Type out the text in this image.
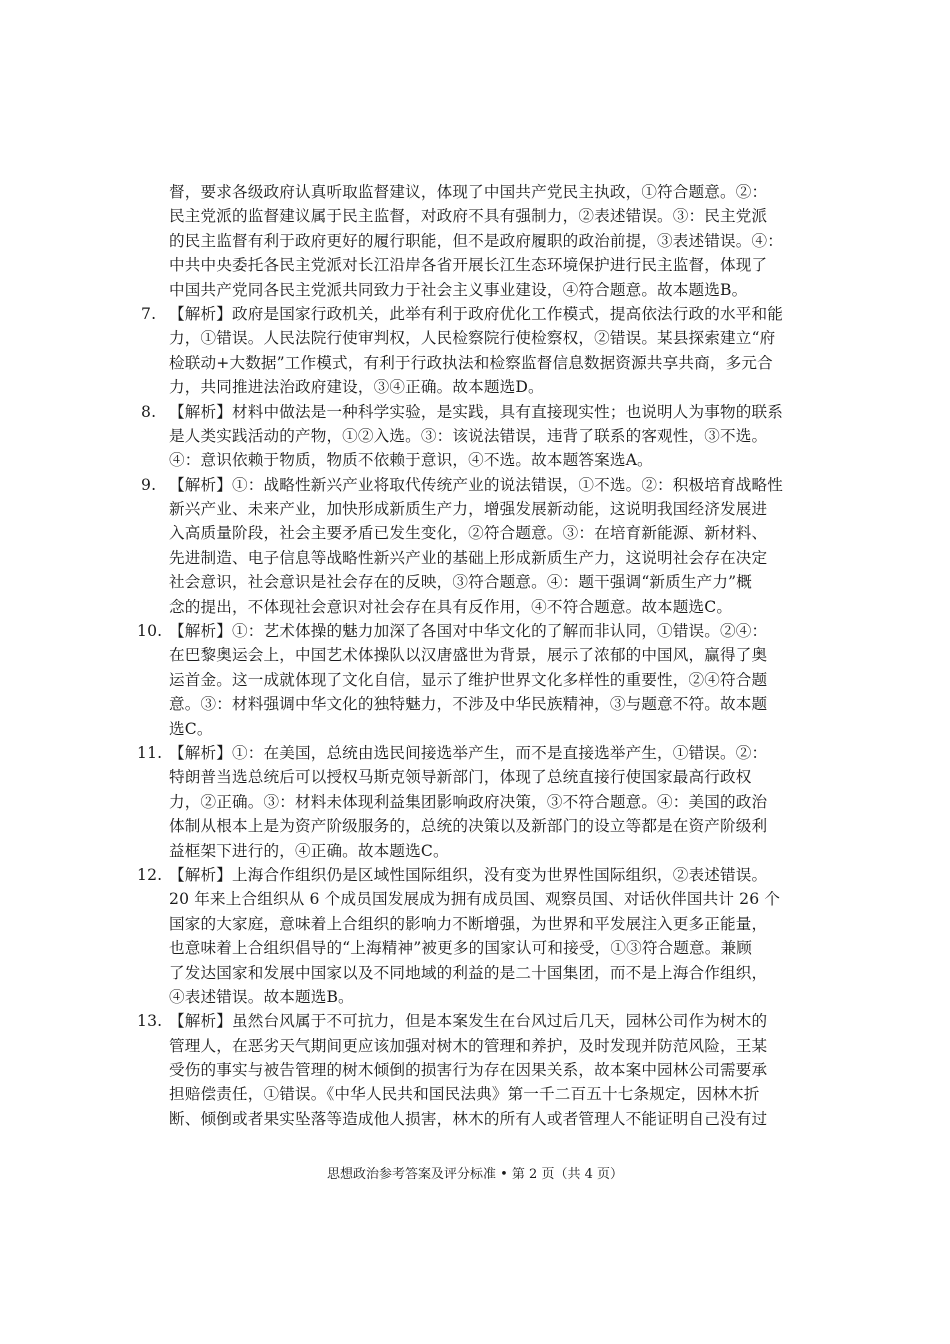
督，要求各级政府认真听取监督建议，体现了中国共产党民主执政，①符合题意。②：
民主党派的监督建议属于民主监督，对政府不具有强制力，②表述错误。③：民主党派
的民主监督有利于政府更好的履行职能，但不是政府履职的政治前提，③表述错误。④：
中共中央委托各民主党派对长江沿岸各省开展长江生态环境保护进行民主监督，体现了
中国共产党同各民主党派共同致力于社会主义事业建设，④符合题意。故本题选B。
7. 【解析】政府是国家行政机关，此举有利于政府优化工作模式，提高依法行政的水平和能
力，①错误。人民法院行使审判权，人民检察院行使检察权，②错误。某县探索建立“府
检联动+大数据”工作模式，有利于行政执法和检察监督信息数据资源共享共商，多元合
力，共同推进法治政府建设，③④正确。故本题选D。
8. 【解析】材料中做法是一种科学实验，是实践，具有直接现实性；也说明人为事物的联系
是人类实践活动的产物，①②入选。③：该说法错误，违背了联系的客观性，③不选。
④：意识依赖于物质，物质不依赖于意识，④不选。故本题答案选A。
9. 【解析】①：战略性新兴产业将取代传统产业的说法错误，①不选。②：积极培育战略性
新兴产业、未来产业，加快形成新质生产力，增强发展新动能，这说明我国经济发展进
入高质量阶段，社会主要矛盾已发生变化，②符合题意。③：在培育新能源、新材料、
先进制造、电子信息等战略性新兴产业的基础上形成新质生产力，这说明社会存在决定
社会意识，社会意识是社会存在的反映，③符合题意。④：题干强调“新质生产力”概
念的提出，不体现社会意识对社会存在具有反作用，④不符合题意。故本题选C。
10. 【解析】①：艺术体操的魅力加深了各国对中华文化的了解而非认同，①错误。②④：
在巴黎奥运会上，中国艺术体操队以汉唐盛世为背景，展示了浓郁的中国风，赢得了奥
运首金。这一成就体现了文化自信，显示了维护世界文化多样性的重要性，②④符合题
意。③：材料强调中华文化的独特魅力，不涉及中华民族精神，③与题意不符。故本题
选C。
11. 【解析】①：在美国，总统由选民间接选举产生，而不是直接选举产生，①错误。②：
特朗普当选总统后可以授权马斯克领导新部门，体现了总统直接行使国家最高行政权
力，②正确。③：材料未体现利益集团影响政府决策，③不符合题意。④：美国的政治
体制从根本上是为资产阶级服务的，总统的决策以及新部门的设立等都是在资产阶级利
益框架下进行的，④正确。故本题选C。
12. 【解析】上海合作组织仍是区域性国际组织，没有变为世界性国际组织，②表述错误。
20 年来上合组织从 6 个成员国发展成为拥有成员国、观察员国、对话伙伴国共计 26 个
国家的大家庭，意味着上合组织的影响力不断增强，为世界和平发展注入更多正能量，
也意味着上合组织倡导的“上海精神”被更多的国家认可和接受，①③符合题意。兼顾
了发达国家和发展中国家以及不同地域的利益的是二十国集团，而不是上海合作组织，
④表述错误。故本题选B。
13. 【解析】虽然台风属于不可抗力，但是本案发生在台风过后几天，园林公司作为树木的
管理人，在恶劣天气期间更应该加强对树木的管理和养护，及时发现并防范风险，王某
受伤的事实与被告管理的树木倾倒的损害行为存在因果关系，故本案中园林公司需要承
担赔偿责任，①错误。《中华人民共和国民法典》第一千二百五十七条规定，因林木折
断、倾倒或者果实坠落等造成他人损害，林木的所有人或者管理人不能证明自己没有过
思想政治参考答案及评分标准 • 第 2 页（共 4 页）
